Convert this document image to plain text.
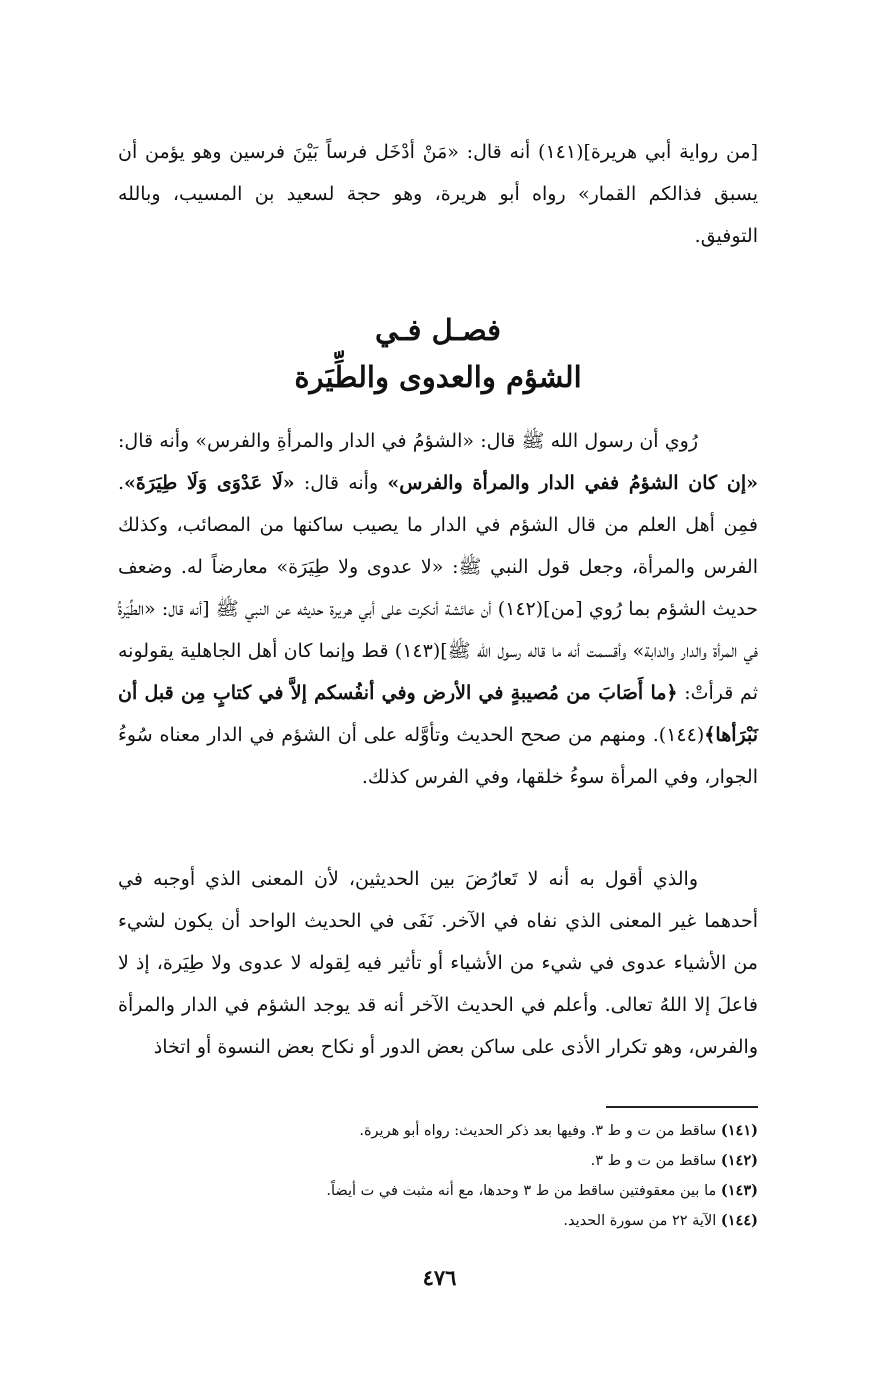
[من رواية أبي هريرة](١٤١) أنه قال: «مَنْ أدْخَل فرساً بَيْنَ فرسين وهو يؤمن أن يسبق فذالكم القمار» رواه أبو هريرة، وهو حجة لسعيد بن المسيب، وبالله التوفيق.

فصـل فـي
الشؤم والعدوى والطِّيَرة

رُوي أن رسول الله ﷺ قال: «الشؤمُ في الدار والمرأةِ والفرس» وأنه قال: «إن كان الشؤمُ ففي الدار والمرأة والفرس» وأنه قال: «لَا عَدْوَى وَلَا طِيَرَةَ». فمِن أهل العلم من قال الشؤم في الدار ما يصيب ساكنها من المصائب، وكذلك الفرس والمرأة، وجعل قول النبي ﷺ: «لا عدوى ولا طِيَرَة» معارضاً له. وضعف حديث الشؤم بما رُوي [من](١٤٢) أن عائشة أنكرت على أبي هريرة حديثه عن النبي ﷺ [أنه قال: «الطِّيَرةُ في المرأة والدار والدابة» وأقسمت أنه ما قاله رسول الله ﷺ](١٤٣) قط وإنما كان أهل الجاهلية يقولونه ثم قرأتْ: ﴿ما أَصَابَ من مُصيبةٍ في الأرض وفي أنفُسكم إلاَّ في كتابٍ مِن قبل أن نَبْرَأها﴾(١٤٤). ومنهم من صحح الحديث وتأوَّله على أن الشؤم في الدار معناه سُوءُ الجوار، وفي المرأة سوءُ خلقها، وفي الفرس كذلك.

والذي أقول به أنه لا تَعارُضَ بين الحديثين، لأن المعنى الذي أوجبه في أحدهما غير المعنى الذي نفاه في الآخر. نَفَى في الحديث الواحد أن يكون لشيء من الأشياء عدوى في شيء من الأشياء أو تأثير فيه لِقوله لا عدوى ولا طِيَرة، إذ لا فاعلَ إلا اللهُ تعالى. وأعلم في الحديث الآخر أنه قد يوجد الشؤم في الدار والمرأة والفرس، وهو تكرار الأذى على ساكن بعض الدور أو نكاح بعض النسوة أو اتخاذ

(١٤١) ساقط من ت و ط ٣. وفيها بعد ذكر الحديث: رواه أبو هريرة.

(١٤٢) ساقط من ت و ط ٣.

(١٤٣) ما بين معقوفتين ساقط من ط ٣ وحدها، مع أنه مثبت في ت أيضاً.

(١٤٤) الآية ٢٢ من سورة الحديد.

٤٧٦
